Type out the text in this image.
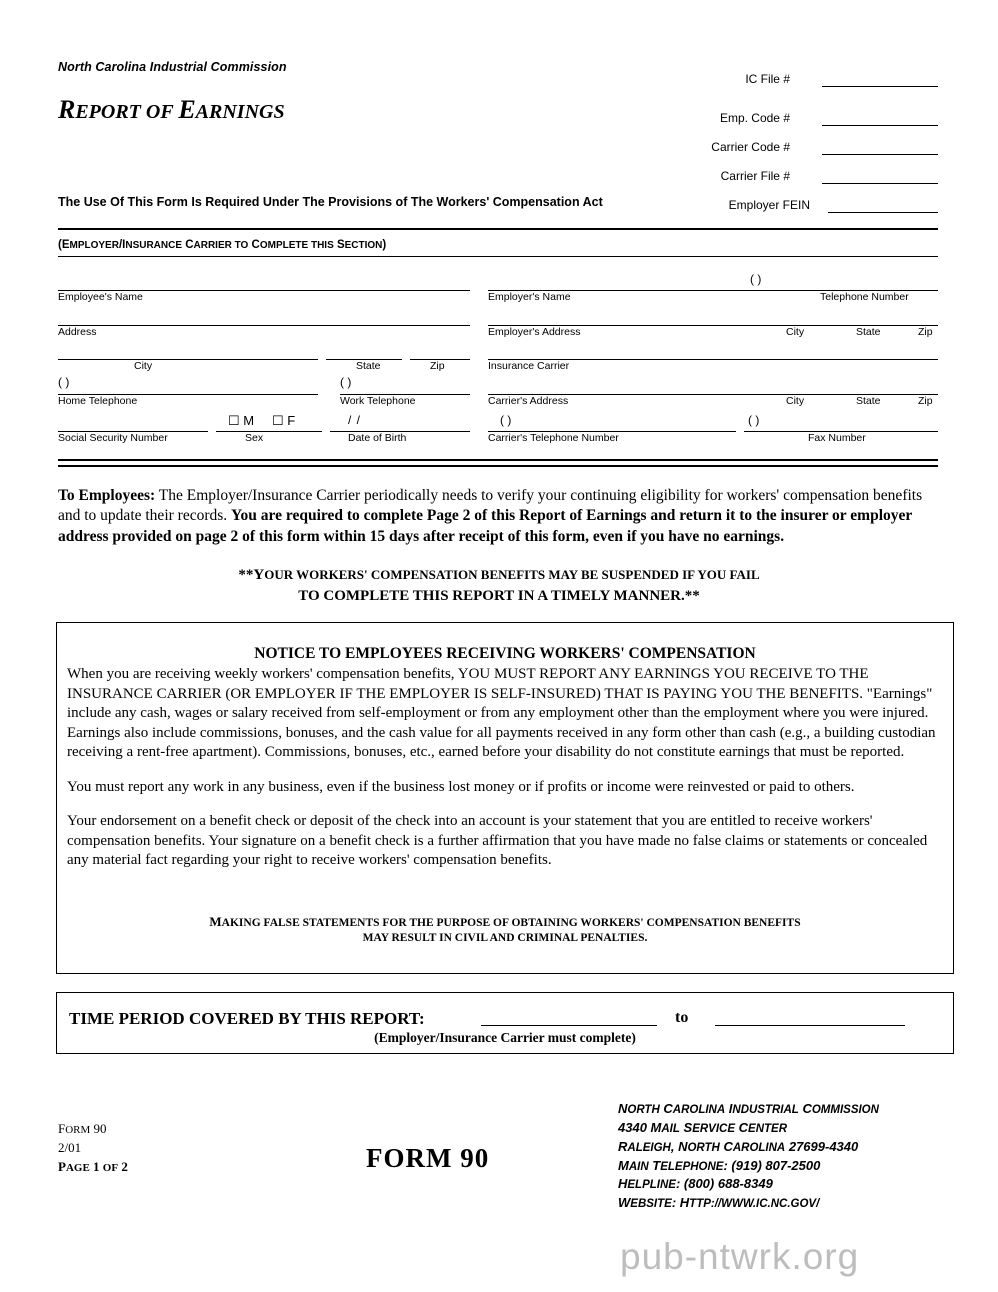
North Carolina Industrial Commission
REPORT OF EARNINGS
The Use Of This Form Is Required Under The Provisions of The Workers' Compensation Act
IC File #
Emp. Code #
Carrier Code #
Carrier File #
Employer FEIN
(EMPLOYER/INSURANCE CARRIER TO COMPLETE THIS SECTION)
Employee's Name
Address
City	State	Zip
( )	( )
Home Telephone	Work Telephone
☐ M ☐ F	/ /
Social Security Number	Sex	Date of Birth
( )
Employer's Name	Telephone Number
Employer's Address	City	State	Zip
Insurance Carrier
Carrier's Address	City	State	Zip
( )	( )
Carrier's Telephone Number	Fax Number
To Employees: The Employer/Insurance Carrier periodically needs to verify your continuing eligibility for workers' compensation benefits and to update their records. You are required to complete Page 2 of this Report of Earnings and return it to the insurer or employer address provided on page 2 of this form within 15 days after receipt of this form, even if you have no earnings.
**YOUR WORKERS' COMPENSATION BENEFITS MAY BE SUSPENDED IF YOU FAIL
TO COMPLETE THIS REPORT IN A TIMELY MANNER.**
NOTICE TO EMPLOYEES RECEIVING WORKERS' COMPENSATION

When you are receiving weekly workers' compensation benefits, YOU MUST REPORT ANY EARNINGS YOU RECEIVE TO THE INSURANCE CARRIER (OR EMPLOYER IF THE EMPLOYER IS SELF-INSURED) THAT IS PAYING YOU THE BENEFITS. "Earnings" include any cash, wages or salary received from self-employment or from any employment other than the employment where you were injured. Earnings also include commissions, bonuses, and the cash value for all payments received in any form other than cash (e.g., a building custodian receiving a rent-free apartment). Commissions, bonuses, etc., earned before your disability do not constitute earnings that must be reported.

You must report any work in any business, even if the business lost money or if profits or income were reinvested or paid to others.

Your endorsement on a benefit check or deposit of the check into an account is your statement that you are entitled to receive workers' compensation benefits. Your signature on a benefit check is a further affirmation that you have made no false claims or statements or concealed any material fact regarding your right to receive workers' compensation benefits.

MAKING FALSE STATEMENTS FOR THE PURPOSE OF OBTAINING WORKERS' COMPENSATION BENEFITS
MAY RESULT IN CIVIL AND CRIMINAL PENALTIES.
TIME PERIOD COVERED BY THIS REPORT:	to
(Employer/Insurance Carrier must complete)
FORM 90
2/01
PAGE 1 OF 2	FORM 90
NORTH CAROLINA INDUSTRIAL COMMISSION
4340 MAIL SERVICE CENTER
RALEIGH, NORTH CAROLINA 27699-4340
MAIN TELEPHONE: (919) 807-2500
HELPLINE: (800) 688-8349
WEBSITE: HTTP://WWW.IC.NC.GOV/
pub-ntwrk.org
